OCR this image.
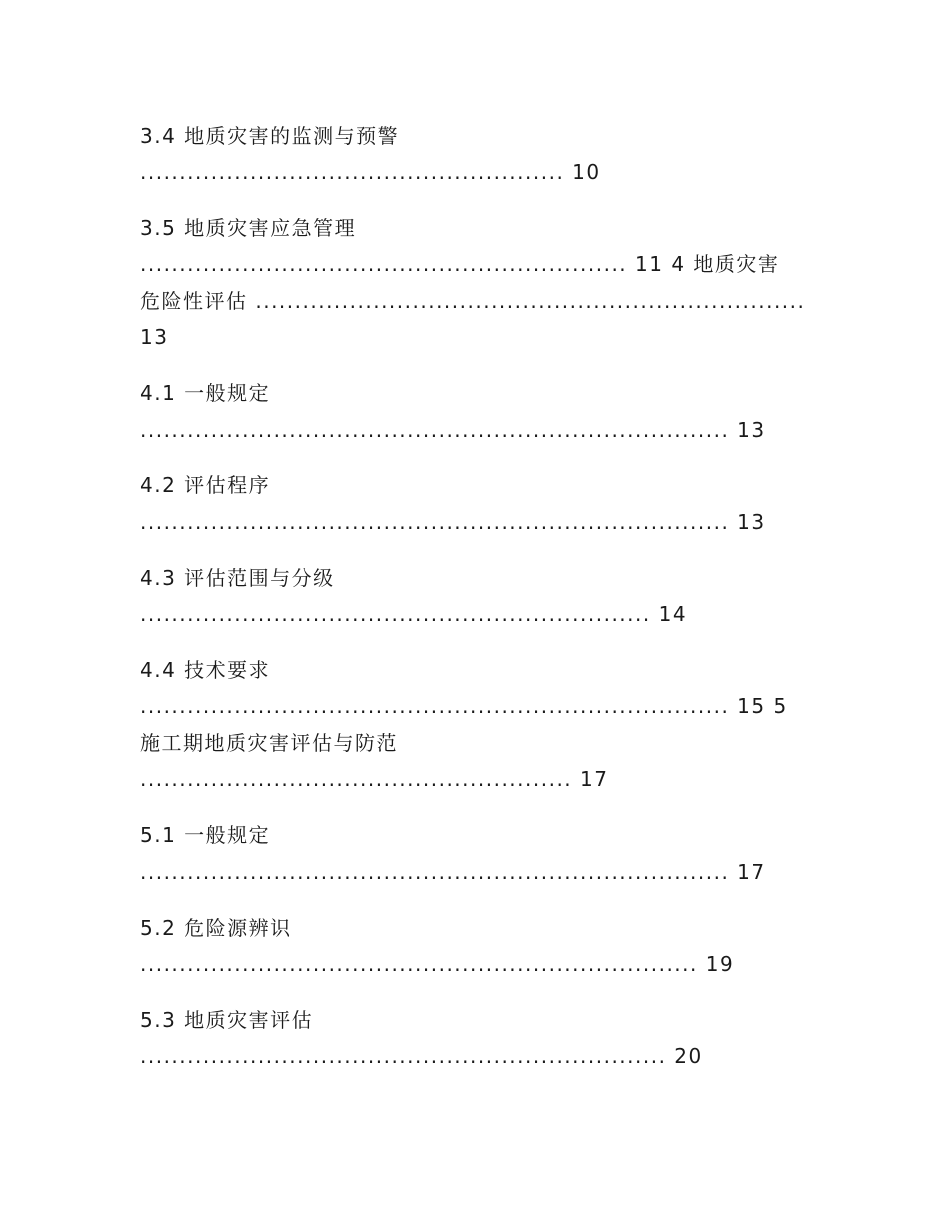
3.4 地质灾害的监测与预警
...................................................... 10
3.5 地质灾害应急管理
.............................................................. 11 4 地质灾害
危险性评估 ......................................................................
13
4.1 一般规定
........................................................................... 13
4.2 评估程序
........................................................................... 13
4.3 评估范围与分级
................................................................. 14
4.4 技术要求
........................................................................... 15 5
施工期地质灾害评估与防范
....................................................... 17
5.1 一般规定
........................................................................... 17
5.2 危险源辨识
....................................................................... 19
5.3 地质灾害评估
................................................................... 20
